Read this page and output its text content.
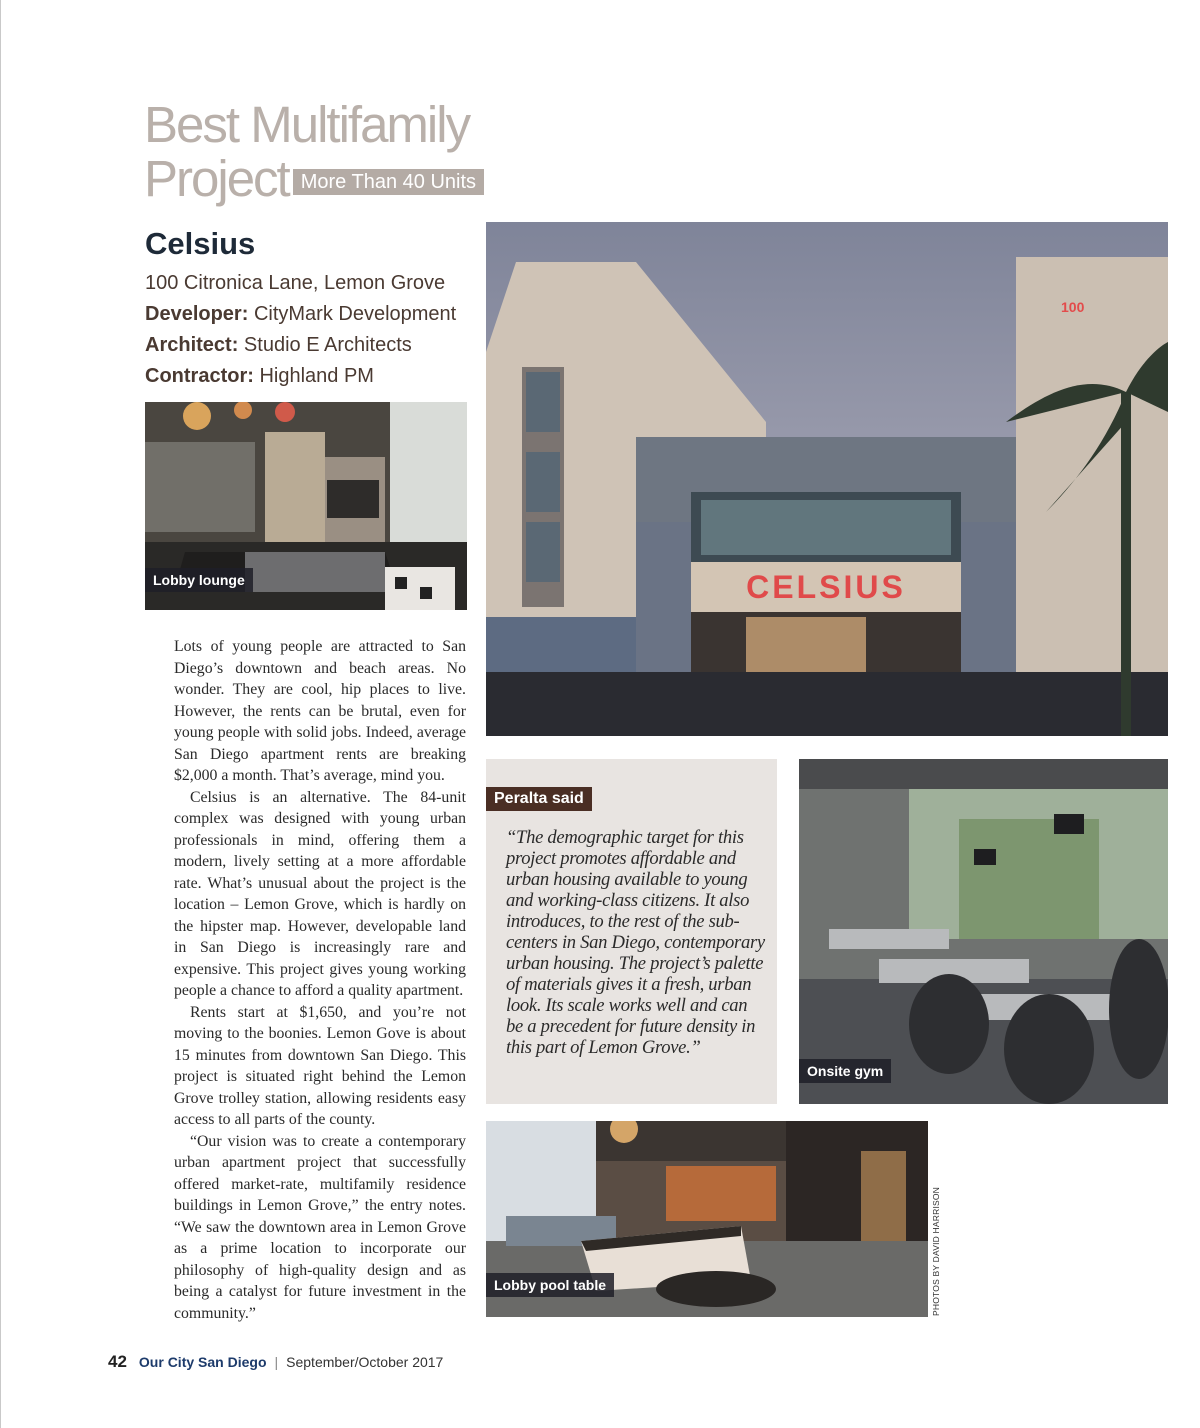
Best Multifamily
Project More Than 40 Units
Celsius
100 Citronica Lane, Lemon Grove
Developer: CityMark Development
Architect: Studio E Architects
Contractor: Highland PM
Lobby lounge	CELSIUS
100

Lots of young people are attracted to San Diego’s downtown and beach areas. No wonder. They are cool, hip places to live. However, the rents can be brutal, even for young people with solid jobs. Indeed, average San Diego apartment rents are breaking $2,000 a month. That’s average, mind you.

Celsius is an alternative. The 84-unit complex was designed with young urban professionals in mind, offering them a modern, lively setting at a more affordable rate. What’s unusual about the project is the location – Lemon Grove, which is hardly on the hipster map. However, developable land in San Diego is increasingly rare and expensive. This project gives young working people a chance to afford a quality apartment.

Rents start at $1,650, and you’re not moving to the boonies. Lemon Gove is about 15 minutes from downtown San Diego. This project is situated right behind the Lemon Grove trolley station, allowing residents easy access to all parts of the county.

“Our vision was to create a contemporary urban apartment project that successfully offered market-rate, multifamily residence buildings in Lemon Grove,” the entry notes. “We saw the downtown area in Lemon Grove as a prime location to incorporate our philosophy of high-quality design and as being a catalyst for future investment in the community.”

Peralta said
“The demographic target for this project promotes affordable and urban housing available to young and working-class citizens. It also introduces, to the rest of the sub-centers in San Diego, contemporary urban housing. The project’s palette of materials gives it a fresh, urban look. Its scale works well and can be a precedent for future density in this part of Lemon Grove.”
Onsite gym
Lobby pool table	PHOTOS BY DAVID HARRISON
42 Our City San Diego | September/October 2017
